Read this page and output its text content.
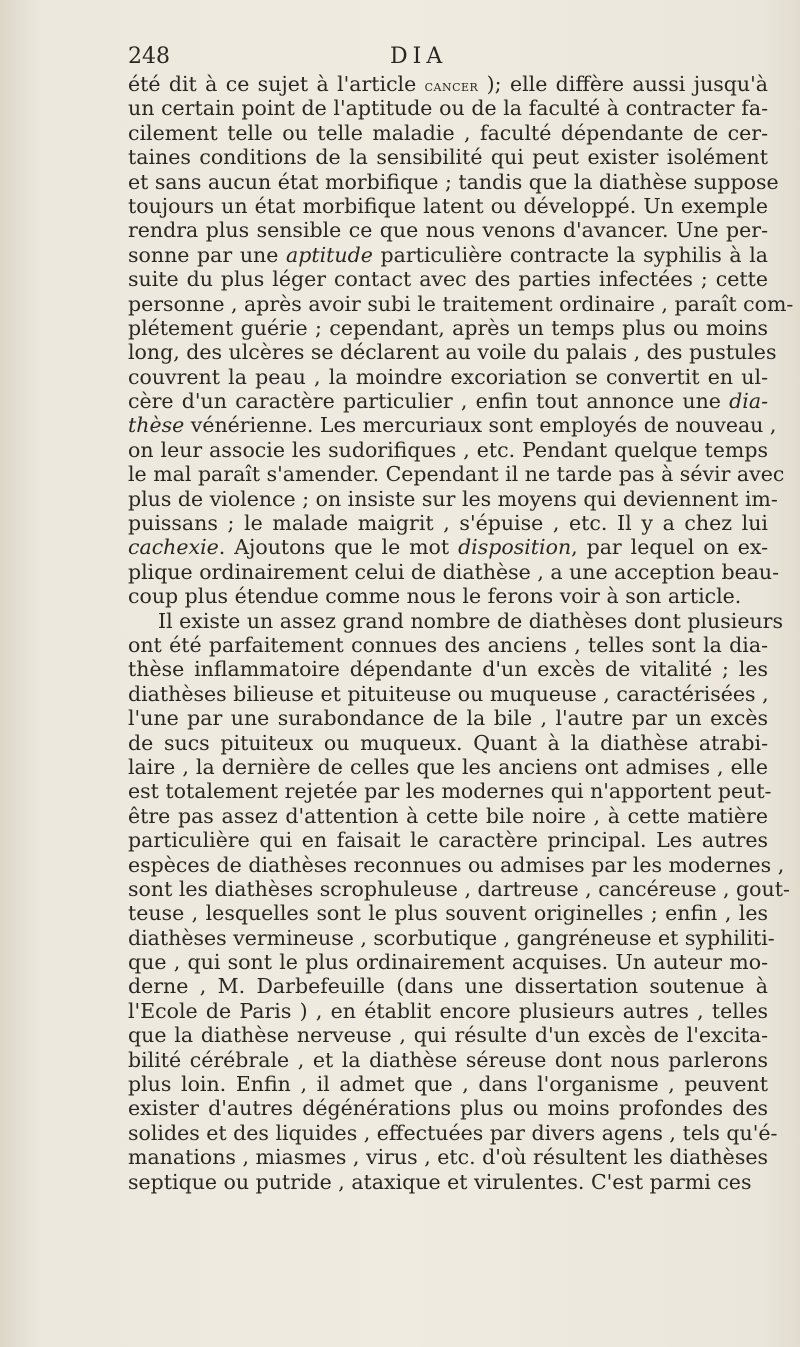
248	DIA
été dit à ce sujet à l'article cancer ); elle diffère aussi jusqu'à
un certain point de l'aptitude ou de la faculté à contracter fa-
cilement telle ou telle maladie , faculté dépendante de cer-
taines conditions de la sensibilité qui peut exister isolément
et sans aucun état morbifique ; tandis que la diathèse suppose
toujours un état morbifique latent ou développé. Un exemple
rendra plus sensible ce que nous venons d'avancer. Une per-
sonne par une aptitude particulière contracte la syphilis à la
suite du plus léger contact avec des parties infectées ; cette
personne , après avoir subi le traitement ordinaire , paraît com-
plétement guérie ; cependant, après un temps plus ou moins
long, des ulcères se déclarent au voile du palais , des pustules
couvrent la peau , la moindre excoriation se convertit en ul-
cère d'un caractère particulier , enfin tout annonce une dia-
thèse vénérienne. Les mercuriaux sont employés de nouveau ,
on leur associe les sudorifiques , etc. Pendant quelque temps
le mal paraît s'amender. Cependant il ne tarde pas à sévir avec
plus de violence ; on insiste sur les moyens qui deviennent im-
puissans ; le malade maigrit , s'épuise , etc. Il y a chez lui
cachexie. Ajoutons que le mot disposition, par lequel on ex-
plique ordinairement celui de diathèse , a une acception beau-
coup plus étendue comme nous le ferons voir à son article.
Il existe un assez grand nombre de diathèses dont plusieurs
ont été parfaitement connues des anciens , telles sont la dia-
thèse inflammatoire dépendante d'un excès de vitalité ; les
diathèses bilieuse et pituiteuse ou muqueuse , caractérisées ,
l'une par une surabondance de la bile , l'autre par un excès
de sucs pituiteux ou muqueux. Quant à la diathèse atrabi-
laire , la dernière de celles que les anciens ont admises , elle
est totalement rejetée par les modernes qui n'apportent peut-
être pas assez d'attention à cette bile noire , à cette matière
particulière qui en faisait le caractère principal. Les autres
espèces de diathèses reconnues ou admises par les modernes ,
sont les diathèses scrophuleuse , dartreuse , cancéreuse , gout-
teuse , lesquelles sont le plus souvent originelles ; enfin , les
diathèses vermineuse , scorbutique , gangréneuse et syphiliti-
que , qui sont le plus ordinairement acquises. Un auteur mo-
derne , M. Darbefeuille (dans une dissertation soutenue à
l'Ecole de Paris ) , en établit encore plusieurs autres , telles
que la diathèse nerveuse , qui résulte d'un excès de l'excita-
bilité cérébrale , et la diathèse séreuse dont nous parlerons
plus loin. Enfin , il admet que , dans l'organisme , peuvent
exister d'autres dégénérations plus ou moins profondes des
solides et des liquides , effectuées par divers agens , tels qu'é-
manations , miasmes , virus , etc. d'où résultent les diathèses
septique ou putride , ataxique et virulentes. C'est parmi ces
